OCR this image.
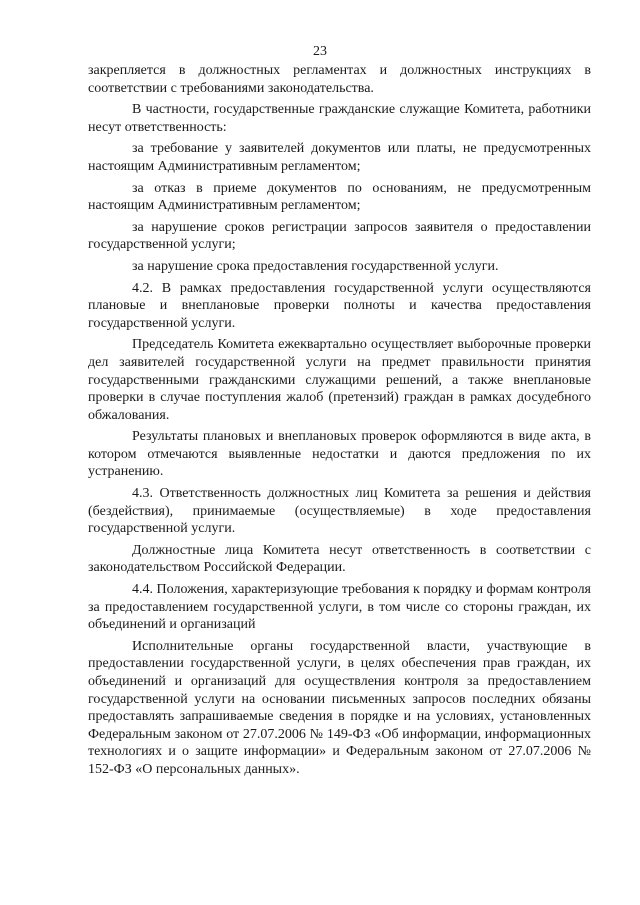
23

закрепляется в должностных регламентах и должностных инструкциях в соответствии с требованиями законодательства.

В частности, государственные гражданские служащие Комитета, работники несут ответственность:

за требование у заявителей документов или платы, не предусмотренных настоящим Административным регламентом;

за отказ в приеме документов по основаниям, не предусмотренным настоящим Административным регламентом;

за нарушение сроков регистрации запросов заявителя о предоставлении государственной услуги;

за нарушение срока предоставления государственной услуги.

4.2. В рамках предоставления государственной услуги осуществляются плановые и внеплановые проверки полноты и качества предоставления государственной услуги.

Председатель Комитета ежеквартально осуществляет выборочные проверки дел заявителей государственной услуги на предмет правильности принятия государственными гражданскими служащими решений, а также внеплановые проверки в случае поступления жалоб (претензий) граждан в рамках досудебного обжалования.

Результаты плановых и внеплановых проверок оформляются в виде акта, в котором отмечаются выявленные недостатки и даются предложения по их устранению.

4.3. Ответственность должностных лиц Комитета за решения и действия (бездействия), принимаемые (осуществляемые) в ходе предоставления государственной услуги.

Должностные лица Комитета несут ответственность в соответствии с законодательством Российской Федерации.

4.4. Положения, характеризующие требования к порядку и формам контроля за предоставлением государственной услуги, в том числе со стороны граждан, их объединений и организаций

Исполнительные органы государственной власти, участвующие в предоставлении государственной услуги, в целях обеспечения прав граждан, их объединений и организаций для осуществления контроля за предоставлением государственной услуги на основании письменных запросов последних обязаны предоставлять запрашиваемые сведения в порядке и на условиях, установленных Федеральным законом от 27.07.2006 № 149-ФЗ «Об информации, информационных технологиях и о защите информации» и Федеральным законом от 27.07.2006 № 152-ФЗ «О персональных данных».
